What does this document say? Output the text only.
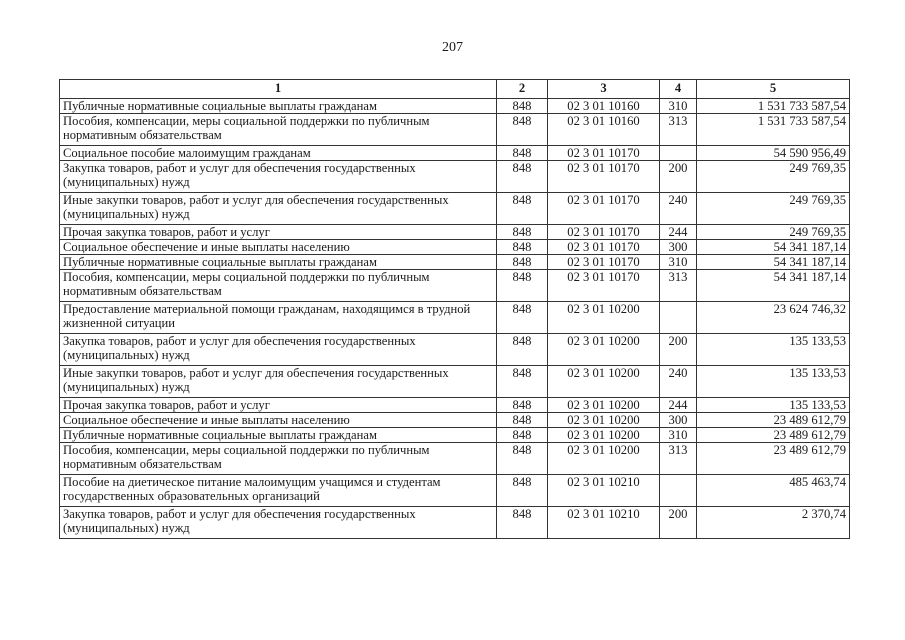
207
1	2	3	4	5
Публичные нормативные социальные выплаты гражданам	848	02 3 01 10160	310	1 531 733 587,54
Пособия, компенсации, меры социальной поддержки по публичным нормативным обязательствам	848	02 3 01 10160	313	1 531 733 587,54
Социальное пособие малоимущим гражданам	848	02 3 01 10170		54 590 956,49
Закупка товаров, работ и услуг для обеспечения государственных (муниципальных) нужд	848	02 3 01 10170	200	249 769,35
Иные закупки товаров, работ и услуг для обеспечения государственных (муниципальных) нужд	848	02 3 01 10170	240	249 769,35
Прочая закупка товаров, работ и услуг	848	02 3 01 10170	244	249 769,35
Социальное обеспечение и иные выплаты населению	848	02 3 01 10170	300	54 341 187,14
Публичные нормативные социальные выплаты гражданам	848	02 3 01 10170	310	54 341 187,14
Пособия, компенсации, меры социальной поддержки по публичным нормативным обязательствам	848	02 3 01 10170	313	54 341 187,14
Предоставление материальной помощи гражданам, находящимся в трудной жизненной ситуации	848	02 3 01 10200		23 624 746,32
Закупка товаров, работ и услуг для обеспечения государственных (муниципальных) нужд	848	02 3 01 10200	200	135 133,53
Иные закупки товаров, работ и услуг для обеспечения государственных (муниципальных) нужд	848	02 3 01 10200	240	135 133,53
Прочая закупка товаров, работ и услуг	848	02 3 01 10200	244	135 133,53
Социальное обеспечение и иные выплаты населению	848	02 3 01 10200	300	23 489 612,79
Публичные нормативные социальные выплаты гражданам	848	02 3 01 10200	310	23 489 612,79
Пособия, компенсации, меры социальной поддержки по публичным нормативным обязательствам	848	02 3 01 10200	313	23 489 612,79
Пособие на диетическое питание малоимущим учащимся и студентам государственных образовательных организаций	848	02 3 01 10210		485 463,74
Закупка товаров, работ и услуг для обеспечения государственных (муниципальных) нужд	848	02 3 01 10210	200	2 370,74
